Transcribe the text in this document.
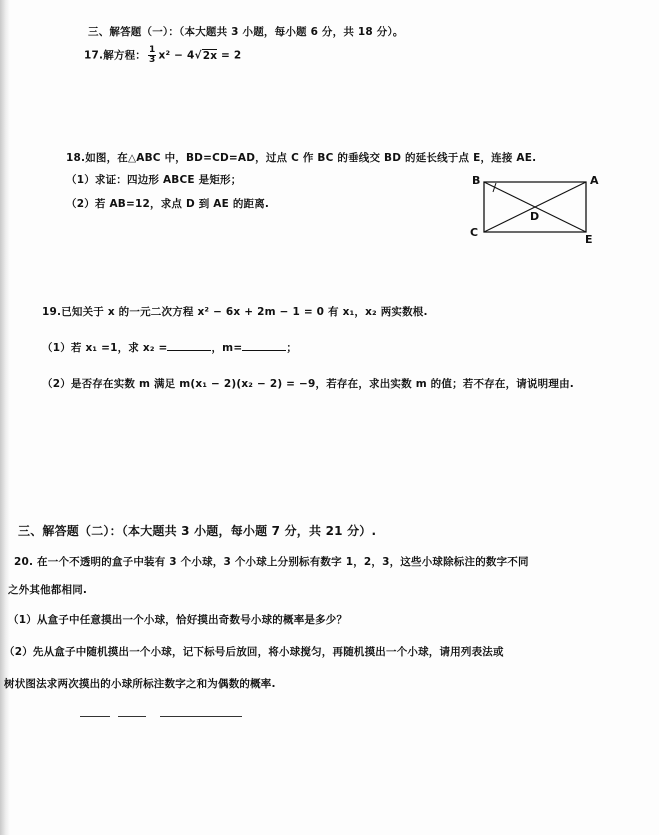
三、解答题（一）：（本大题共 3 小题，每小题 6 分，共 18 分）。
17.解方程： $\frac{1}{3} x^2 - 4√2x = 2$
18.如图，在△ABC 中，BD=CD=AD，过点 C 作 BC 的垂线交 BD 的延长线于点 E，连接 AE.
（1）求证：四边形 ABCE 是矩形；
（2）若 AB=12，求点 D 到 AE 的距离.
B	A
C
E
D
19.已知关于 x 的一元二次方程 x² − 6x + 2m − 1 = 0 有 x₁，x₂ 两实数根.
（1）若 x₁ =1，求 x₂ =	，m=	；
（2）是否存在实数 m 满足 m(x₁ − 2)(x₂ − 2) = −9，若存在，求出实数 m 的值；若不存在，请说明理由.
三、解答题（二）：（本大题共 3 小题，每小题 7 分，共 21 分）.
20. 在一个不透明的盒子中装有 3 个小球，3 个小球上分别标有数字 1，2，3，这些小球除标注的数字不同
之外其他都相同.
（1）从盒子中任意摸出一个小球，恰好摸出奇数号小球的概率是多少？
（2）先从盒子中随机摸出一个小球，记下标号后放回，将小球搅匀，再随机摸出一个小球，请用列表法或
树状图法求两次摸出的小球所标注数字之和为偶数的概率.
